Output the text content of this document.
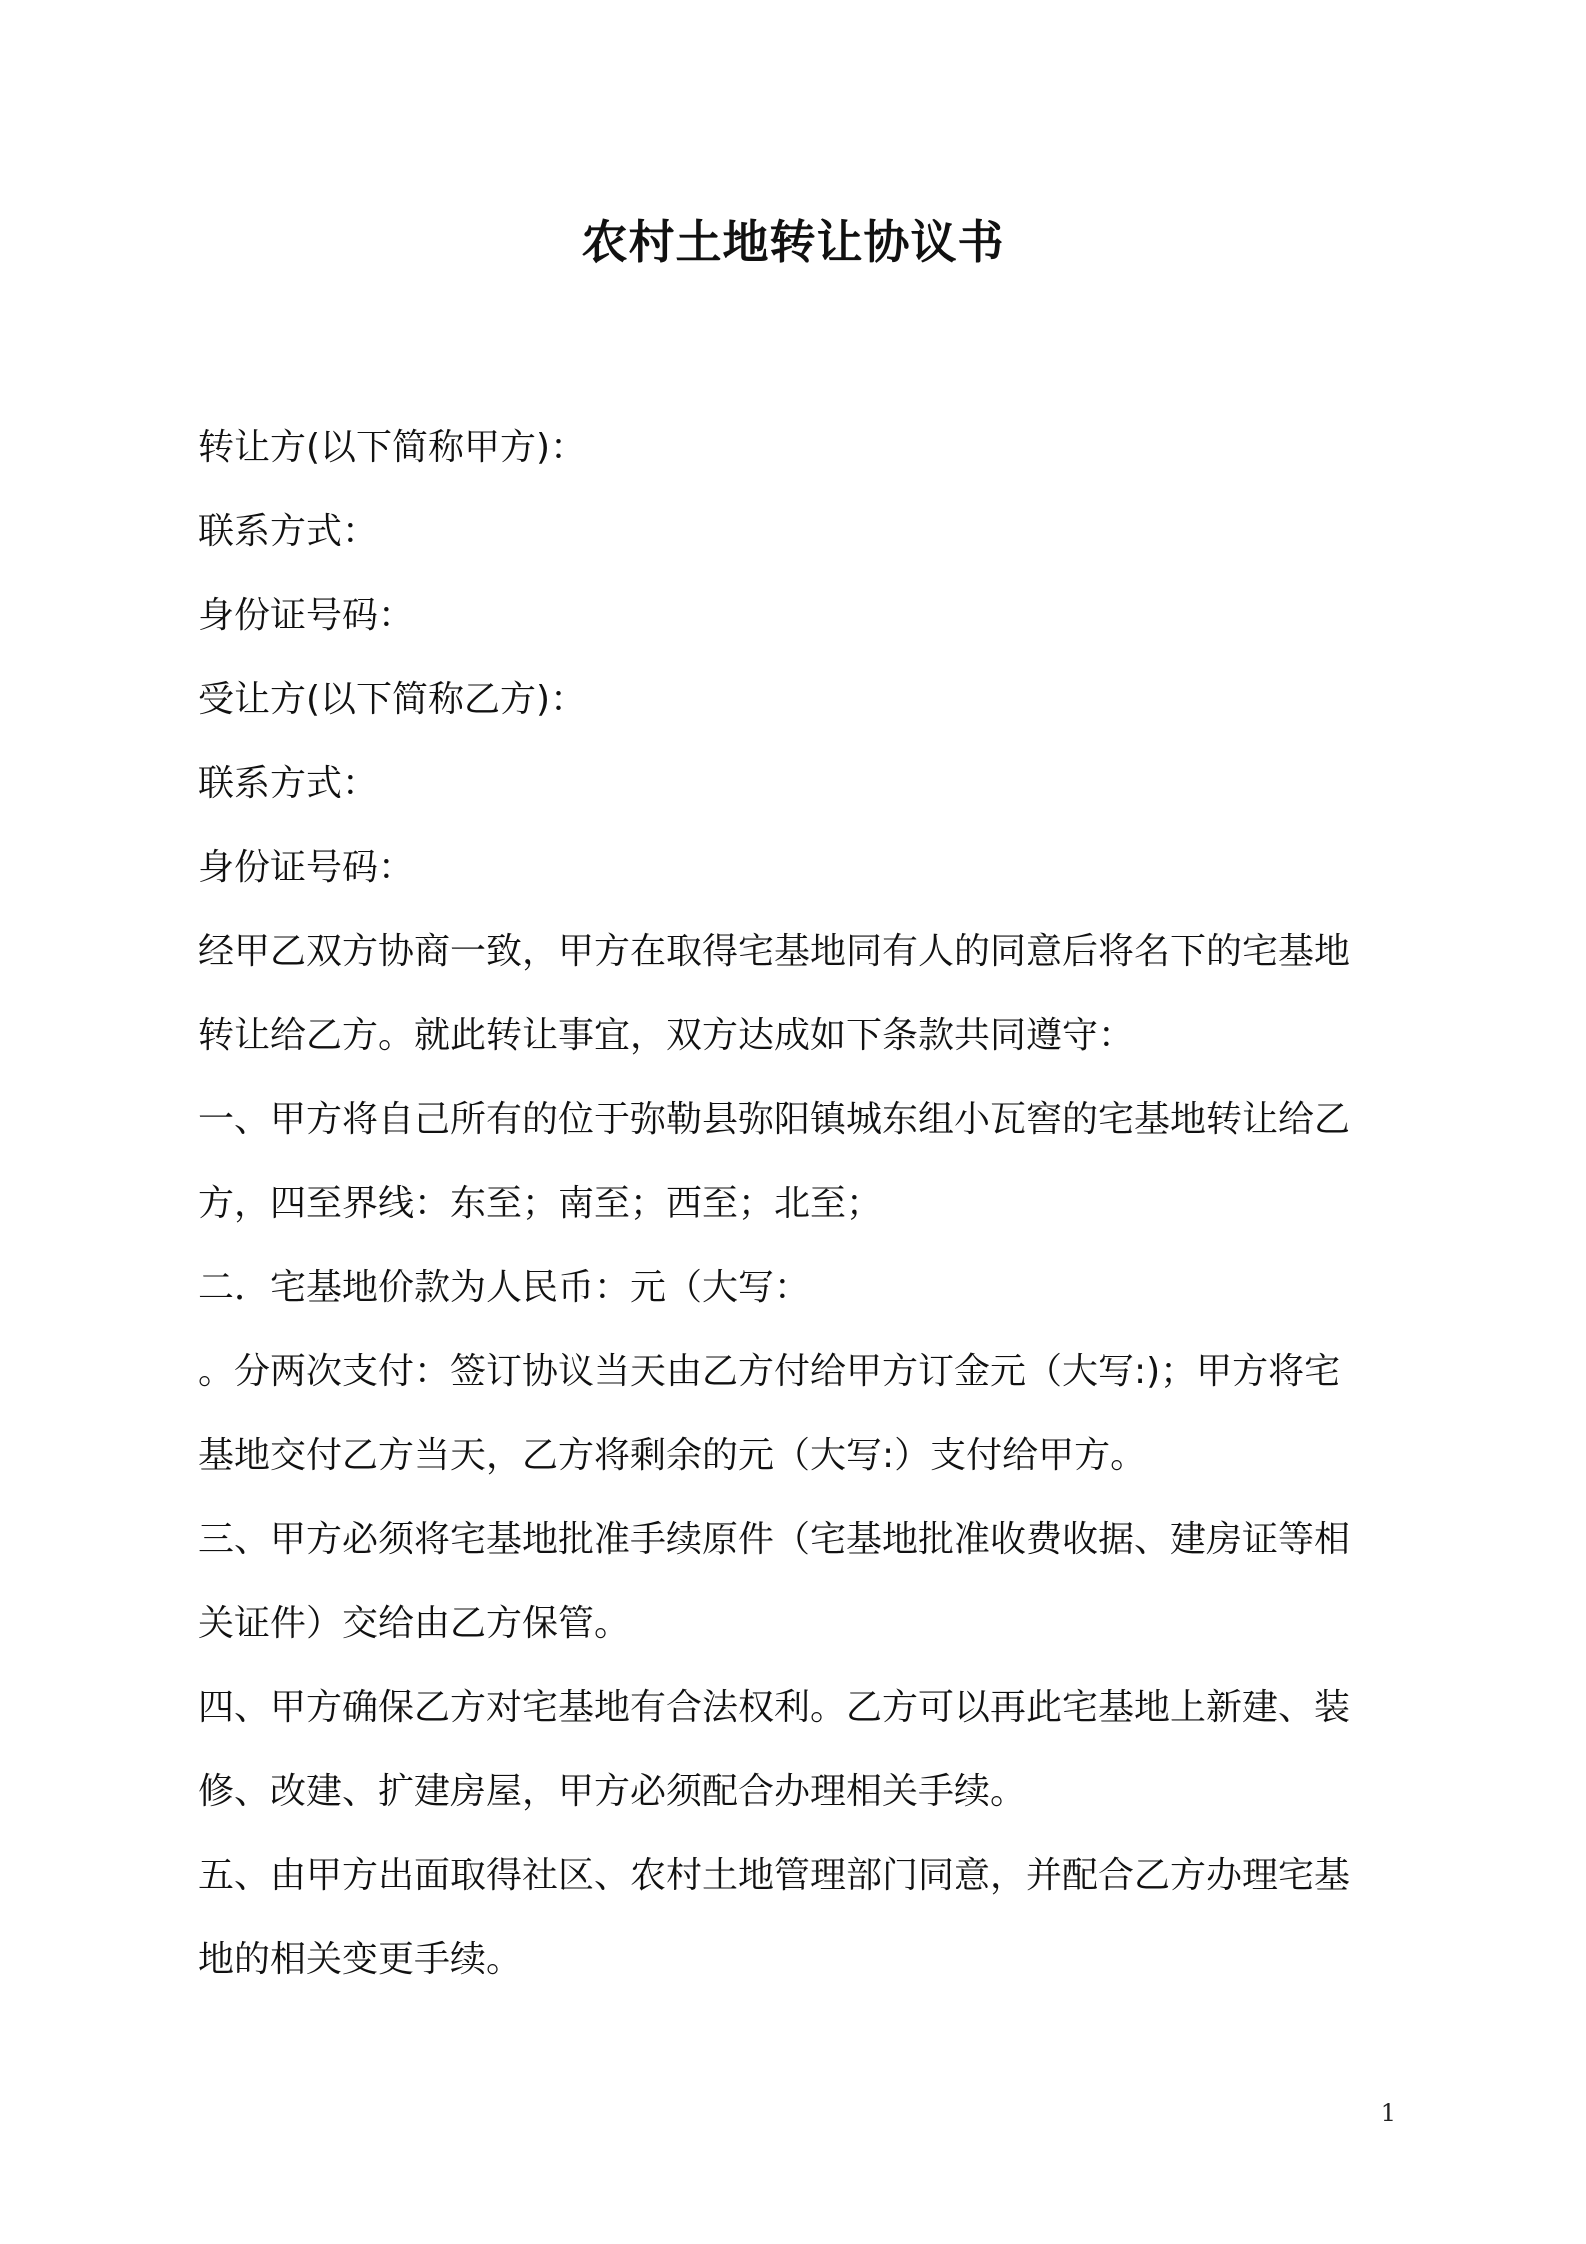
农村土地转让协议书
转让方(以下简称甲方)：
联系方式：
身份证号码：
受让方(以下简称乙方)：
联系方式：
身份证号码：
经甲乙双方协商一致，甲方在取得宅基地同有人的同意后将名下的宅基地
转让给乙方。就此转让事宜，双方达成如下条款共同遵守：
一、甲方将自己所有的位于弥勒县弥阳镇城东组小瓦窖的宅基地转让给乙
方，四至界线：东至；南至；西至；北至；
二．宅基地价款为人民币：元（大写：
。分两次支付：签订协议当天由乙方付给甲方订金元（大写:)；甲方将宅
基地交付乙方当天，乙方将剩余的元（大写:）支付给甲方。
三、甲方必须将宅基地批准手续原件（宅基地批准收费收据、建房证等相
关证件）交给由乙方保管。
四、甲方确保乙方对宅基地有合法权利。乙方可以再此宅基地上新建、装
修、改建、扩建房屋，甲方必须配合办理相关手续。
五、由甲方出面取得社区、农村土地管理部门同意，并配合乙方办理宅基
地的相关变更手续。
1
